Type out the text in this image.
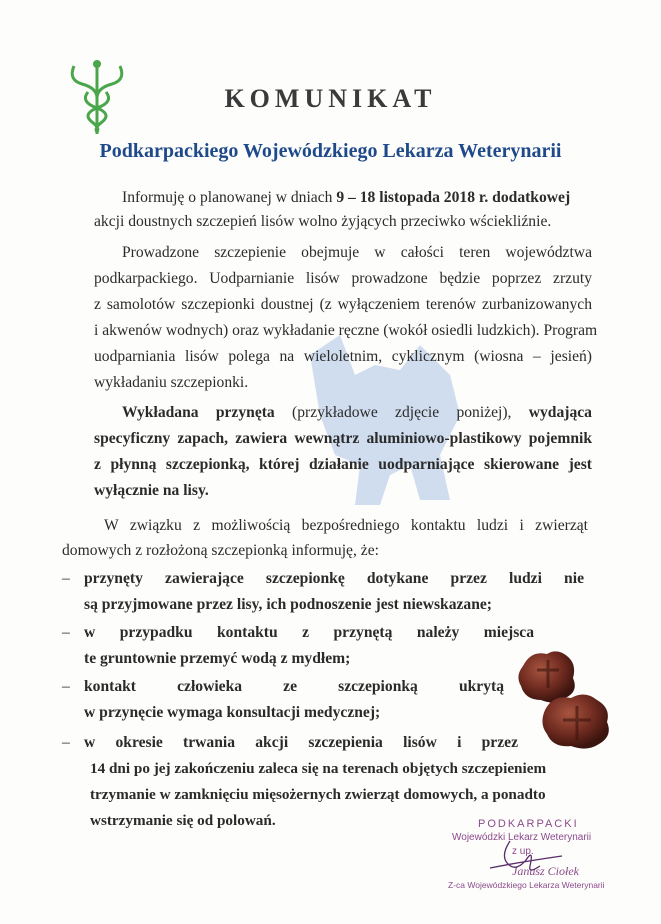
KOMUNIKAT
Podkarpackiego Wojewódzkiego Lekarza Weterynarii

Informuję o planowanej w dniach 9 – 18 listopada 2018 r. dodatkowej

akcji doustnych szczepień lisów wolno żyjących przeciwko wściekliźnie.

Prowadzone szczepienie obejmuje w całości teren województwa

podkarpackiego. Uodparnianie lisów prowadzone będzie poprzez zrzuty

z samolotów szczepionki doustnej (z wyłączeniem terenów zurbanizowanych

i akwenów wodnych) oraz wykładanie ręczne (wokół osiedli ludzkich). Program

uodparniania lisów polega na wieloletnim, cyklicznym (wiosna – jesień)

wykładaniu szczepionki.

Wykładana przynęta (przykładowe zdjęcie poniżej), wydająca

specyficzny zapach, zawiera wewnątrz aluminiowo-plastikowy pojemnik

z płynną szczepionką, której działanie uodparniające skierowane jest

wyłącznie na lisy.

W związku z możliwością bezpośredniego kontaktu ludzi i zwierząt

domowych z rozłożoną szczepionką informuję, że:

– przynęty zawierające szczepionkę dotykane przez ludzi nie

są przyjmowane przez lisy, ich podnoszenie jest niewskazane;

– w przypadku kontaktu z przynętą należy miejsca

te gruntownie przemyć wodą z mydłem;

– kontakt człowieka ze szczepionką ukrytą

w przynęcie wymaga konsultacji medycznej;

– w okresie trwania akcji szczepienia lisów i przez

14 dni po jej zakończeniu zaleca się na terenach objętych szczepieniem

trzymanie w zamknięciu mięsożernych zwierząt domowych, a ponadto

wstrzymanie się od polowań.	PODKARPACKI
Wojewódzki Lekarz Weterynarii
z up.
Janusz Ciołek
Z-ca Wojewódzkiego Lekarza Weterynarii
